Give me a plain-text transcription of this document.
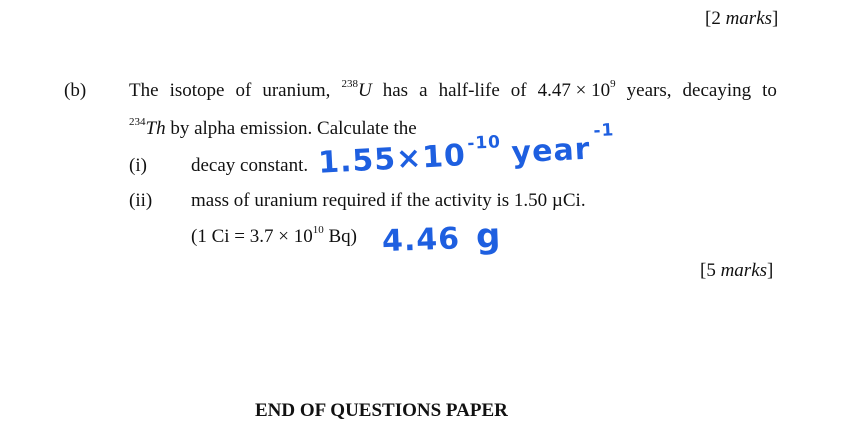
[2 marks]
(b) The isotope of uranium, $^{238}$U has a half-life of $4.47 \times 10^9$ years, decaying to
$^{234}$Th by alpha emission. Calculate the
(i) decay constant. $1.55\times 10^{-10}$ year$^{-1}$
(ii) mass of uranium required if the activity is 1.50 µCi.
(1 $Ci = 3.7 \times 10^{10}$ Bq) 4.46 g
[5 marks]
END OF QUESTIONS PAPER
